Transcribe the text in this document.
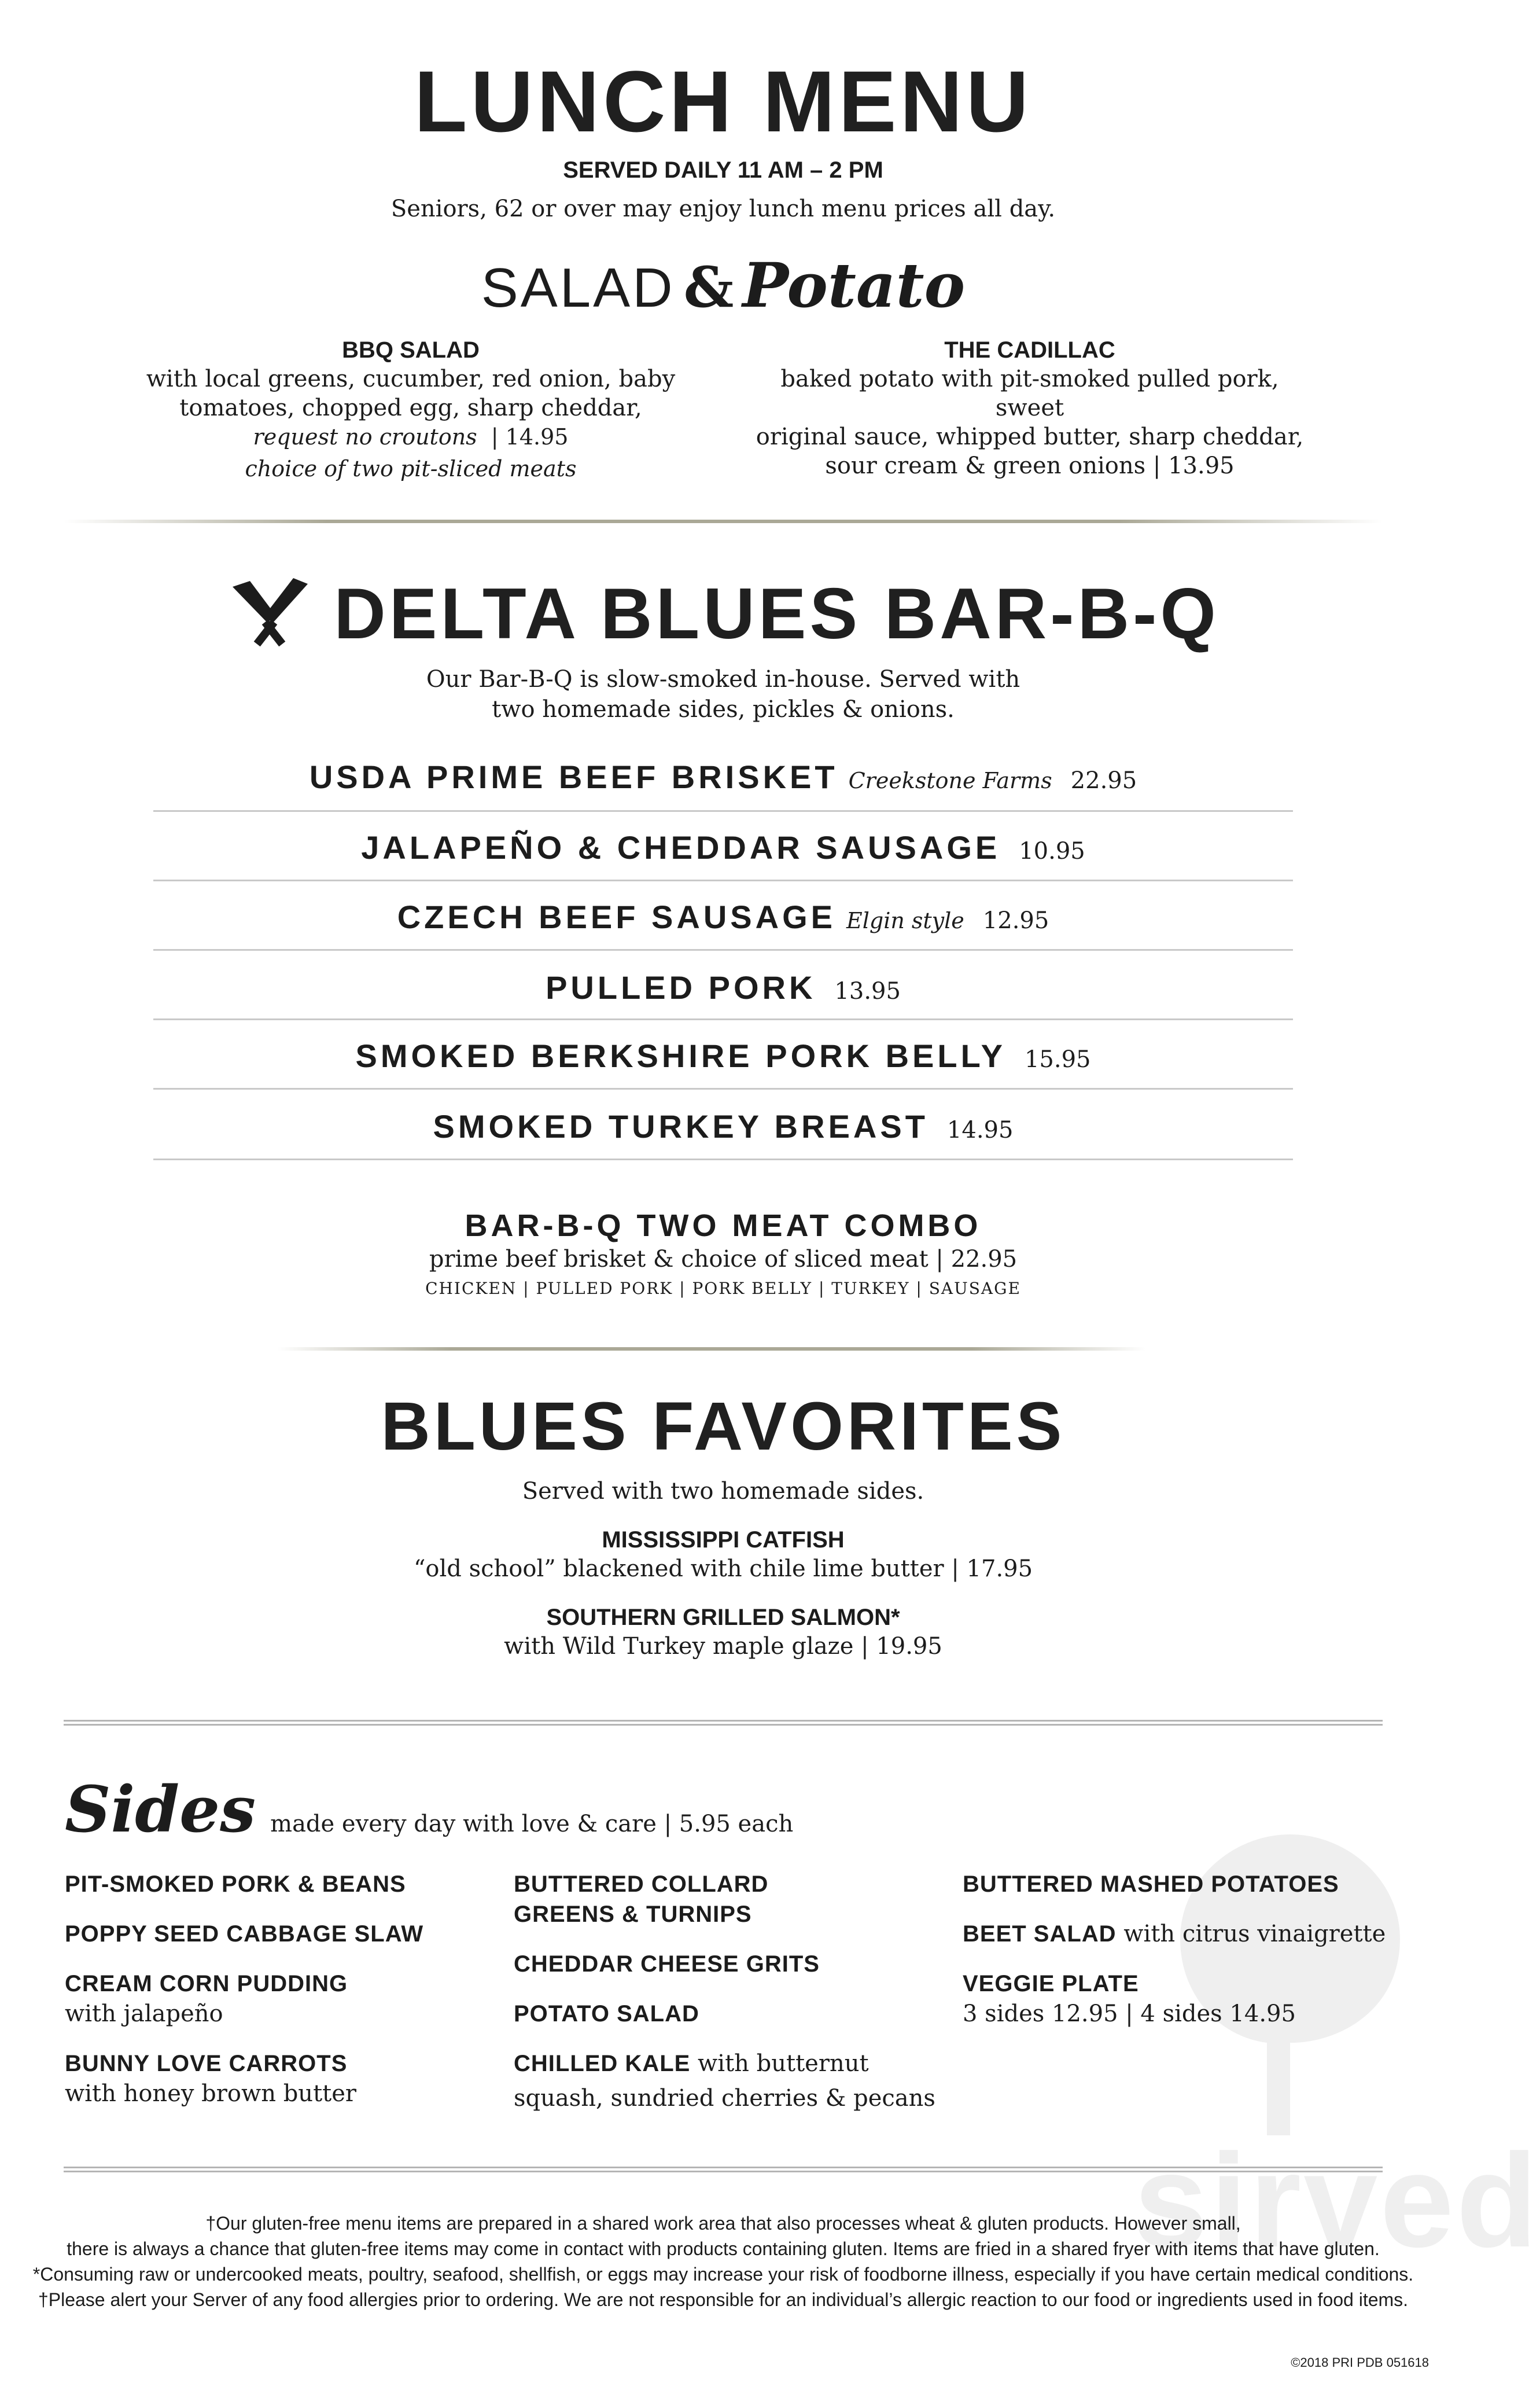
sirved
LUNCH MENU
SERVED DAILY 11 AM – 2 PM
Seniors, 62 or over may enjoy lunch menu prices all day.
SALAD & Potato
BBQ SALAD
with local greens, cucumber, red onion, baby
tomatoes, chopped egg, sharp cheddar,
request no croutons | 14.95
choice of two pit-sliced meats
THE CADILLAC
baked potato with pit-smoked pulled pork, sweet
original sauce, whipped butter, sharp cheddar,
sour cream & green onions | 13.95
DELTA BLUES BAR-B-Q
Our Bar-B-Q is slow-smoked in-house. Served with
two homemade sides, pickles & onions.
USDA PRIME BEEF BRISKET Creekstone Farms 22.95
JALAPEÑO & CHEDDAR SAUSAGE 10.95
CZECH BEEF SAUSAGE Elgin style 12.95
PULLED PORK 13.95
SMOKED BERKSHIRE PORK BELLY 15.95
SMOKED TURKEY BREAST 14.95
BAR-B-Q TWO MEAT COMBO
prime beef brisket & choice of sliced meat | 22.95
CHICKEN | PULLED PORK | PORK BELLY | TURKEY | SAUSAGE
BLUES FAVORITES
Served with two homemade sides.
MISSISSIPPI CATFISH
“old school” blackened with chile lime butter | 17.95
SOUTHERN GRILLED SALMON*
with Wild Turkey maple glaze | 19.95
Sides made every day with love & care | 5.95 each
PIT-SMOKED PORK & BEANS
POPPY SEED CABBAGE SLAW
CREAM CORN PUDDING
with jalapeño
BUNNY LOVE CARROTS
with honey brown butter
BUTTERED COLLARD
GREENS & TURNIPS
CHEDDAR CHEESE GRITS
POTATO SALAD
CHILLED KALE with butternut
squash, sundried cherries & pecans
BUTTERED MASHED POTATOES
BEET SALAD with citrus vinaigrette
VEGGIE PLATE
3 sides 12.95 | 4 sides 14.95
†Our gluten-free menu items are prepared in a shared work area that also processes wheat & gluten products. However small,
there is always a chance that gluten-free items may come in contact with products containing gluten. Items are fried in a shared fryer with items that have gluten.
*Consuming raw or undercooked meats, poultry, seafood, shellfish, or eggs may increase your risk of foodborne illness, especially if you have certain medical conditions.
†Please alert your Server of any food allergies prior to ordering. We are not responsible for an individual’s allergic reaction to our food or ingredients used in food items.
©2018 PRI PDB 051618
